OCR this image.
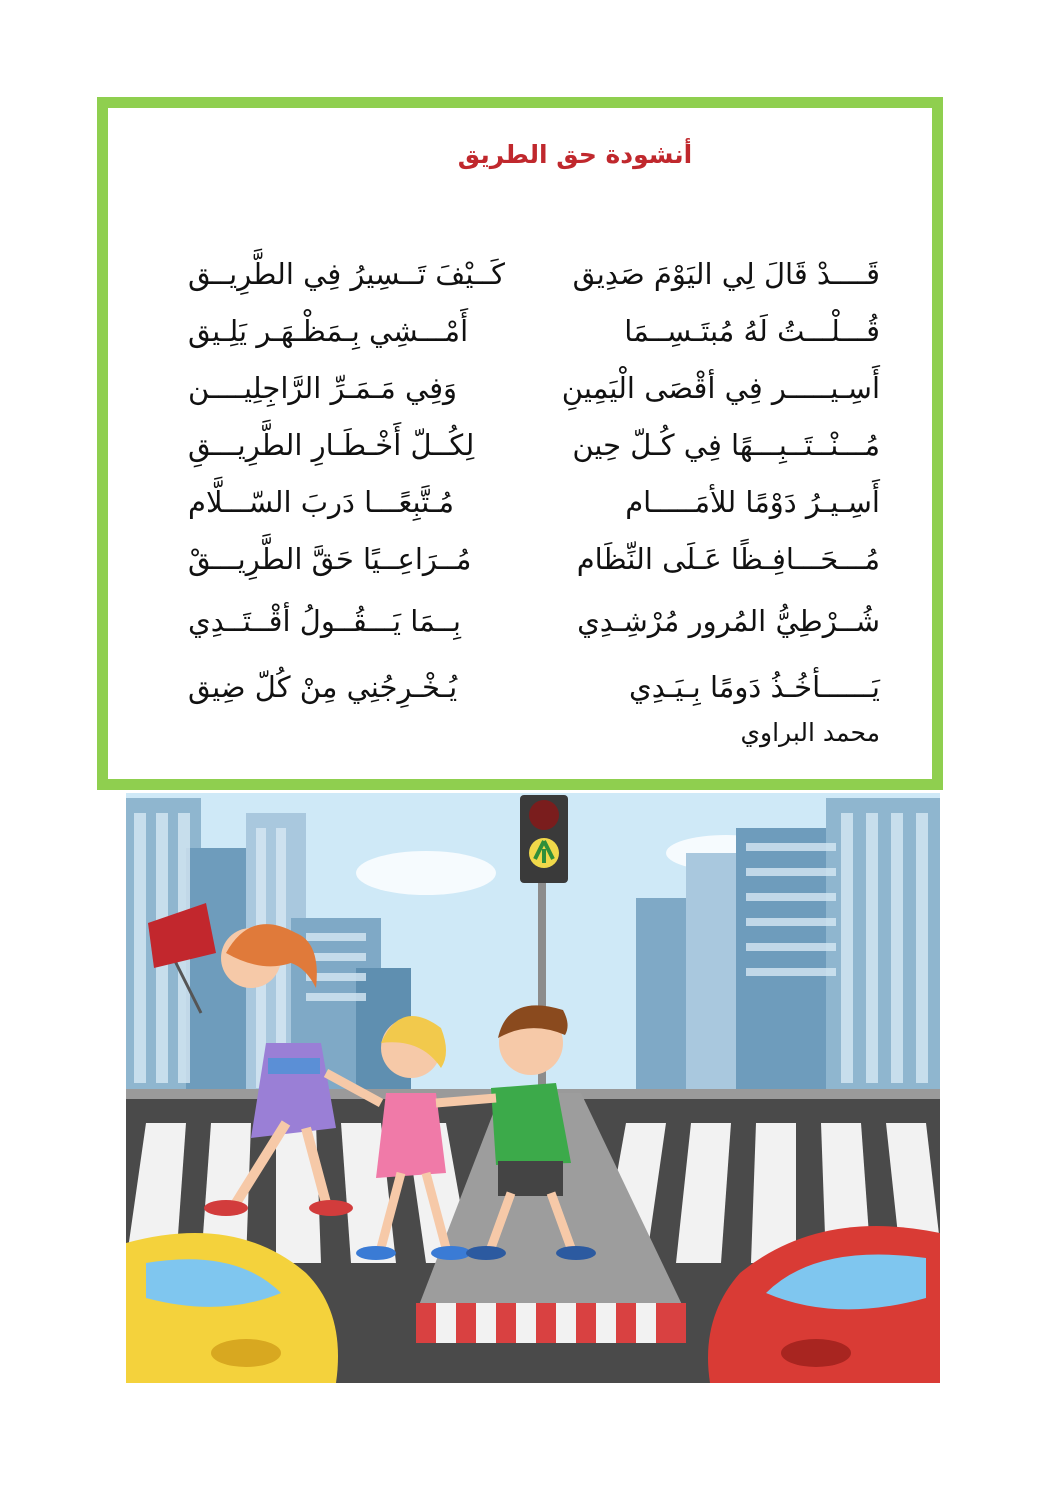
أنشودة حق الطريق
قَــــدْ قَالَ لِي اليَوْمَ صَدِيق
كَــيْفَ تَــسِيرُ فِي الطَّرِيــق
قُـــلْـــتُ لَهُ مُبتَـسِــمَا
أَمْـــشِي بِـمَظْـهَـر يَلِـيق
أَسِـيـــــر فِي أقْصَى الْيَمِينِ
وَفِي مَـمَـرِّ الرَّاجِلِيــــن
مُـــنْــتَــبِـــهًا فِي كُـلّ حِين
لِكُــلّ أَخْـطَـارِ الطَّرِيـــقِ
أَسِـيـرُ دَوْمًا للأمَـــــام
مُـتَّبِعًـــا دَربَ السّـــلَّام
مُـــحَـــافِـظًا عَـلَى النِّظَام
مُــرَاعِــيًا حَقَّ الطَّرِيـــقْ
شُــرْطِيُّ المُرور مُرْشِـدِي
بِــمَا يَـــقُــولُ أقْــتَــدِي
يَــــــأخُـذُ دَومًا بِـيَـدِي
يُـخْـرِجُنِي مِنْ كُلّ ضِيق
محمد البراوي
